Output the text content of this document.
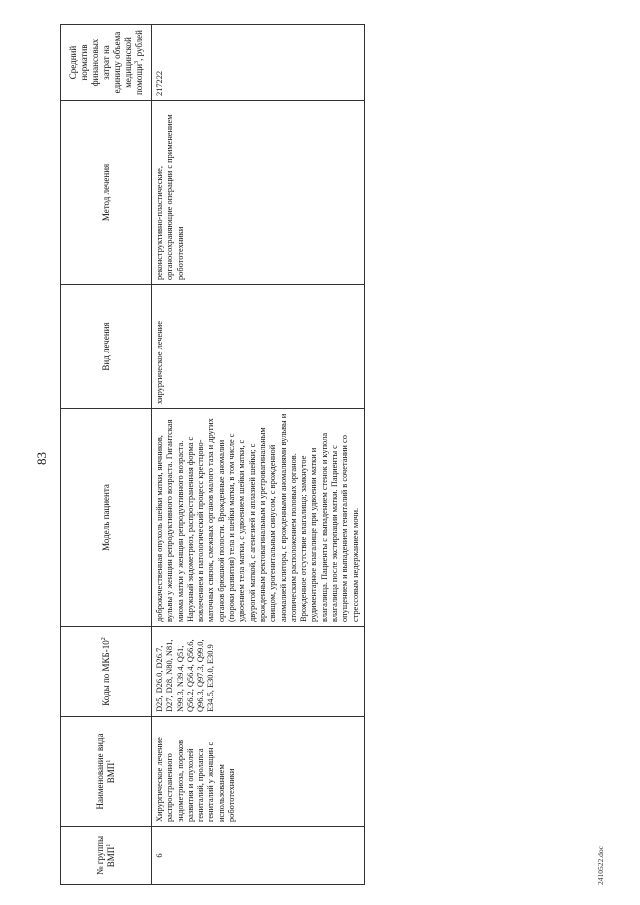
83
№ группы ВМП$^1$	Наименование вида ВМП$^1$	Коды по МКБ-$10^2$	Модель пациента	Вид лечения	Метод лечения	Средний норматив финансовых затрат на единицу объема медицинской помощи$^3$, рублей
6	Хирургическое лечение распространенного эндометриоза, пороков развития и опухолей гениталий, пролапса гениталий у женщин с использованием робототехники	D25, D26.0, D26.7, D27, D28, N80, N81, N99.3, N39.4, Q51, Q56.2, Q56.4, Q56.6, Q96.3, Q97.3, Q99.0, E34.5, E30.0, E30.9	доброкачественная опухоль шейки матки, яичников, вульвы у женщин репродуктивного возраста. Гигантская миома матки у женщин репродуктивного возраста. Наружный эндометриоз, распространенная форма с вовлечением в патологический процесс крестцово-маточных связок, смежных органов малого таза и других органов брюшной полости. Врожденные аномалии (пороки развития) тела и шейки матки, в том числе с удвоением тела матки, с удвоением шейки матки, с двурогой маткой, с агенезией и аплазией шейки; с врожденным ректовагинальным и уретровагинальным свищом, урогенитальным синусом, с врожденной аномалией клитора, с врожденными аномалиями вульвы и атопическим расположением половых органов. Врожденное отсутствие влагалища; замкнутое рудиментарное влагалище при удвоении матки и влагалища. Пациенты с выпадением стенок и купола влагалища после экстирпации матки. Пациенты с опущением и выпадением гениталий в сочетании со стрессовым недержанием мочи.	хирургическое лечение	реконструктивно-пластические, органосохраняющие операции с применением робототехники	217222
2410522.doc
